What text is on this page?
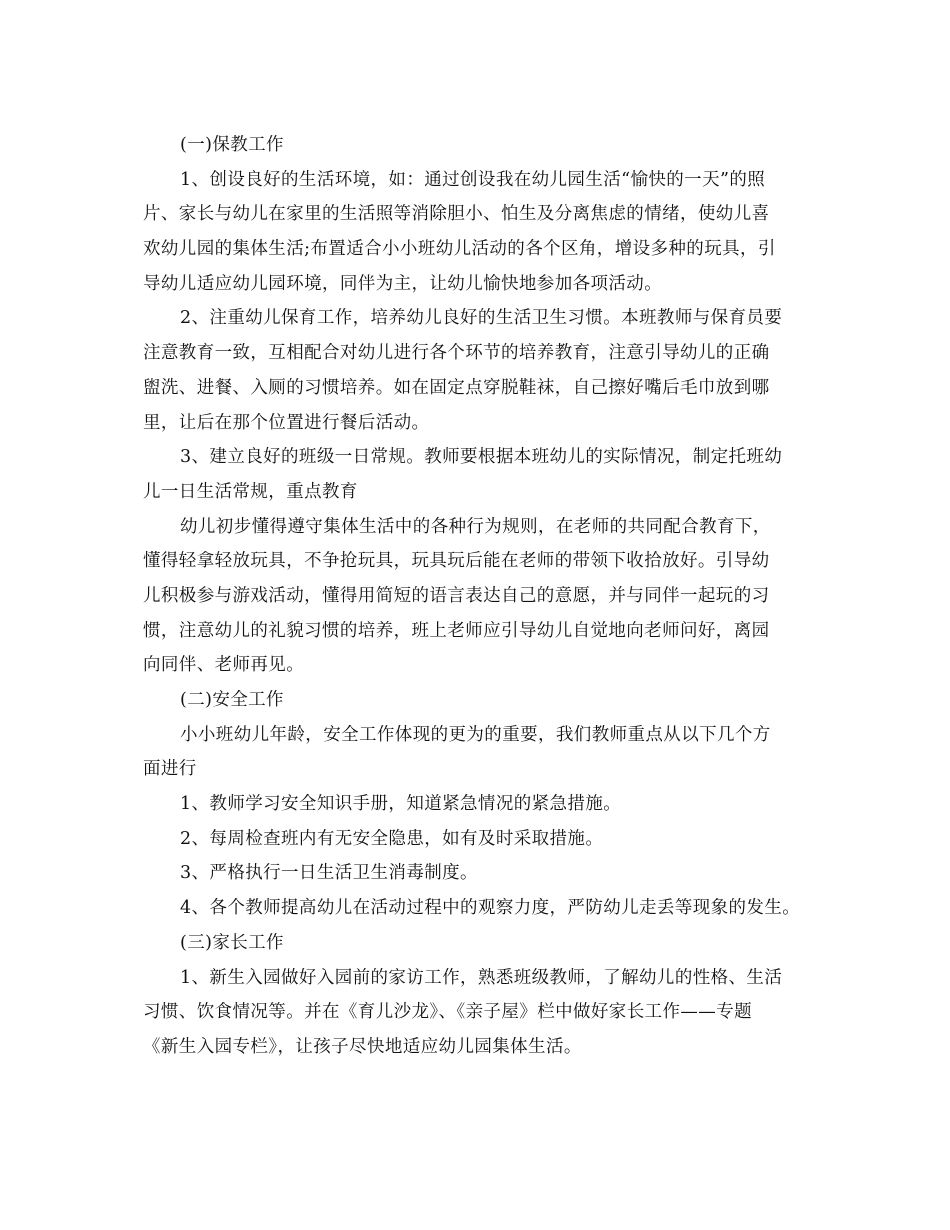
(一)保教工作
1、创设良好的生活环境，如：通过创设我在幼儿园生活“愉快的一天”的照
片、家长与幼儿在家里的生活照等消除胆小、怕生及分离焦虑的情绪，使幼儿喜
欢幼儿园的集体生活;布置适合小小班幼儿活动的各个区角，增设多种的玩具，引
导幼儿适应幼儿园环境，同伴为主，让幼儿愉快地参加各项活动。
2、注重幼儿保育工作，培养幼儿良好的生活卫生习惯。本班教师与保育员要
注意教育一致，互相配合对幼儿进行各个环节的培养教育，注意引导幼儿的正确
盥洗、进餐、入厕的习惯培养。如在固定点穿脱鞋袜，自己擦好嘴后毛巾放到哪
里，让后在那个位置进行餐后活动。
3、建立良好的班级一日常规。教师要根据本班幼儿的实际情况，制定托班幼
儿一日生活常规，重点教育
幼儿初步懂得遵守集体生活中的各种行为规则，在老师的共同配合教育下，
懂得轻拿轻放玩具，不争抢玩具，玩具玩后能在老师的带领下收拾放好。引导幼
儿积极参与游戏活动，懂得用简短的语言表达自己的意愿，并与同伴一起玩的习
惯，注意幼儿的礼貌习惯的培养，班上老师应引导幼儿自觉地向老师问好，离园
向同伴、老师再见。
(二)安全工作
小小班幼儿年龄，安全工作体现的更为的重要，我们教师重点从以下几个方
面进行
1、教师学习安全知识手册，知道紧急情况的紧急措施。
2、每周检查班内有无安全隐患，如有及时采取措施。
3、严格执行一日生活卫生消毒制度。
4、各个教师提高幼儿在活动过程中的观察力度，严防幼儿走丢等现象的发生。
(三)家长工作
1、新生入园做好入园前的家访工作，熟悉班级教师，了解幼儿的性格、生活
习惯、饮食情况等。并在《育儿沙龙》、《亲子屋》栏中做好家长工作——专题
《新生入园专栏》，让孩子尽快地适应幼儿园集体生活。
